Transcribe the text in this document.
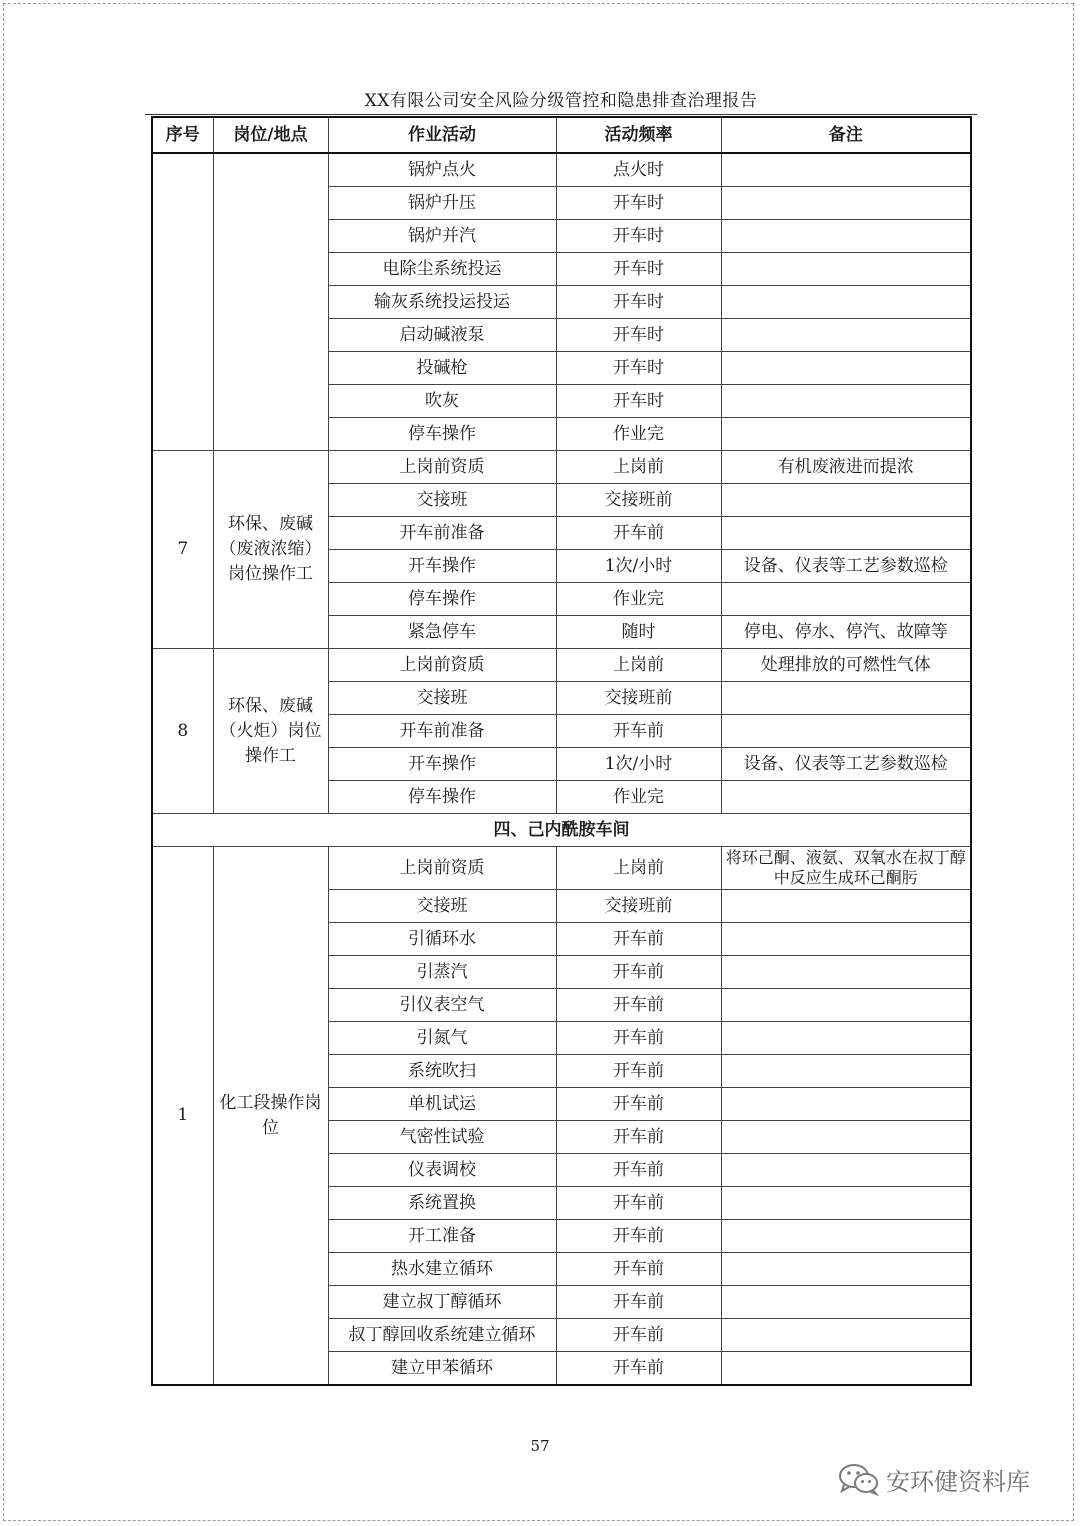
XX有限公司安全风险分级管控和隐患排查治理报告
序号	岗位/地点	作业活动	活动频率	备注
		锅炉点火	点火时	
		锅炉升压	开车时	
		锅炉并汽	开车时	
		电除尘系统投运	开车时	
		输灰系统投运投运	开车时	
		启动碱液泵	开车时	
		投碱枪	开车时	
		吹灰	开车时	
		停车操作	作业完	
7	环保、废碱（废液浓缩）岗位操作工	上岗前资质	上岗前	有机废液进而提浓
		交接班	交接班前	
		开车前准备	开车前	
		开车操作	1次/小时	设备、仪表等工艺参数巡检
		停车操作	作业完	
		紧急停车	随时	停电、停水、停汽、故障等
8	环保、废碱（火炬）岗位操作工	上岗前资质	上岗前	处理排放的可燃性气体
		交接班	交接班前	
		开车前准备	开车前	
		开车操作	1次/小时	设备、仪表等工艺参数巡检
		停车操作	作业完	
四、己内酰胺车间				
1	化工段操作岗位	上岗前资质	上岗前	将环己酮、液氨、双氧水在叔丁醇中反应生成环己酮肟
		交接班	交接班前	
		引循环水	开车前	
		引蒸汽	开车前	
		引仪表空气	开车前	
		引氮气	开车前	
		系统吹扫	开车前	
		单机试运	开车前	
		气密性试验	开车前	
		仪表调校	开车前	
		系统置换	开车前	
		开工准备	开车前	
		热水建立循环	开车前	
		建立叔丁醇循环	开车前	
		叔丁醇回收系统建立循环	开车前	
		建立甲苯循环	开车前	
57
安环健资料库
